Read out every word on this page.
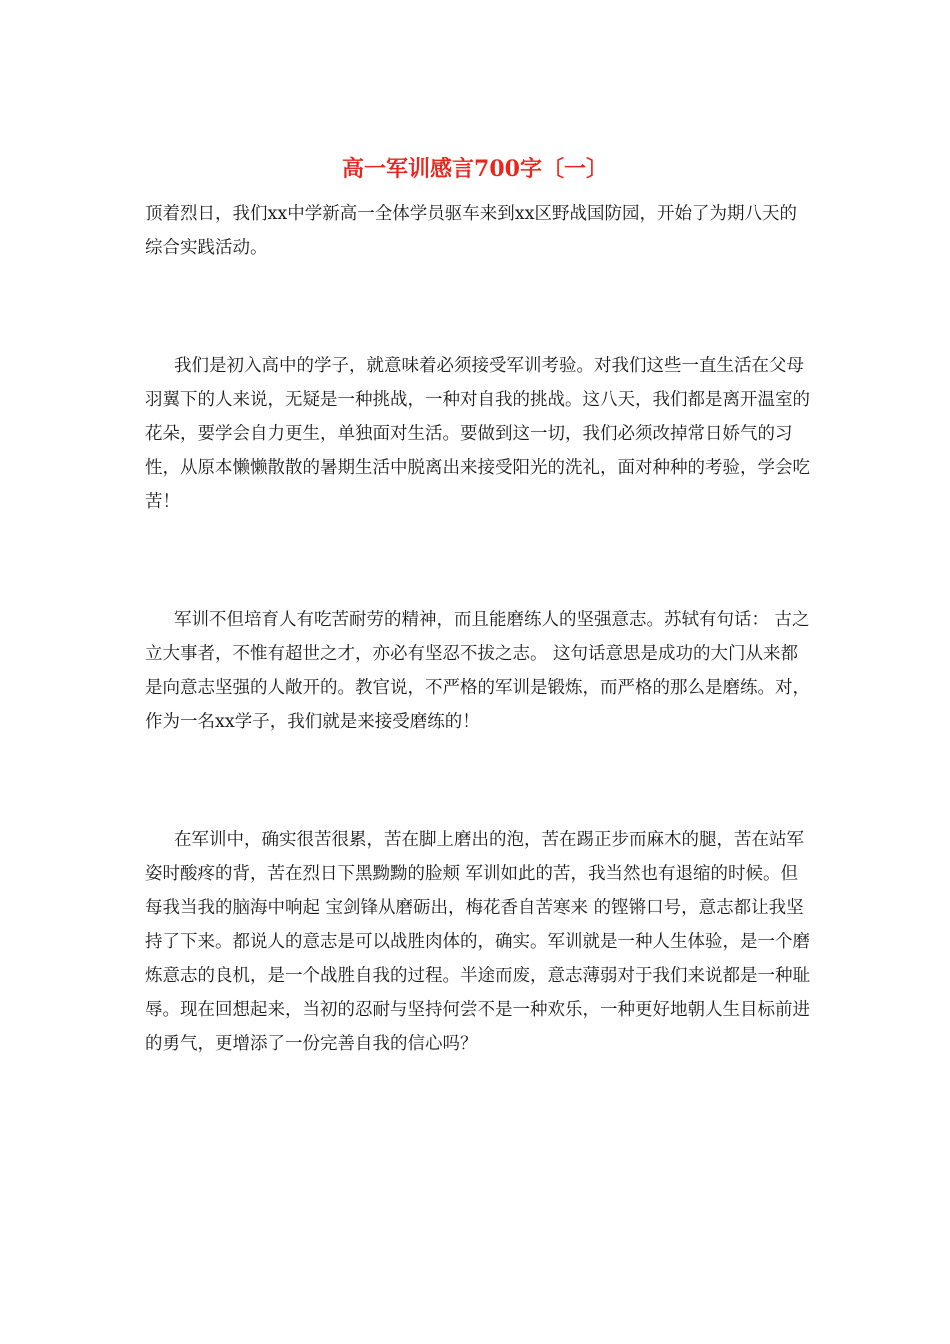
高一军训感言700字〔一〕

顶着烈日，我们xx中学新高一全体学员驱车来到xx区野战国防园，开始了为期八天的综合实践活动。

我们是初入高中的学子，就意味着必须接受军训考验。对我们这些一直生活在父母羽翼下的人来说，无疑是一种挑战，一种对自我的挑战。这八天，我们都是离开温室的花朵，要学会自力更生，单独面对生活。要做到这一切，我们必须改掉常日娇气的习性，从原本懒懒散散的暑期生活中脱离出来接受阳光的洗礼，面对种种的考验，学会吃苦！

军训不但培育人有吃苦耐劳的精神，而且能磨练人的坚强意志。苏轼有句话： 古之立大事者，不惟有超世之才，亦必有坚忍不拔之志。 这句话意思是成功的大门从来都是向意志坚强的人敞开的。教官说，不严格的军训是锻炼，而严格的那么是磨练。对，作为一名xx学子，我们就是来接受磨练的！

在军训中，确实很苦很累，苦在脚上磨出的泡，苦在踢正步而麻木的腿，苦在站军姿时酸疼的背，苦在烈日下黑黝黝的脸颊 军训如此的苦，我当然也有退缩的时候。但每我当我的脑海中响起 宝剑锋从磨砺出，梅花香自苦寒来 的铿锵口号，意志都让我坚持了下来。都说人的意志是可以战胜肉体的，确实。军训就是一种人生体验，是一个磨炼意志的良机，是一个战胜自我的过程。半途而废，意志薄弱对于我们来说都是一种耻辱。现在回想起来，当初的忍耐与坚持何尝不是一种欢乐，一种更好地朝人生目标前进的勇气，更增添了一份完善自我的信心吗？
